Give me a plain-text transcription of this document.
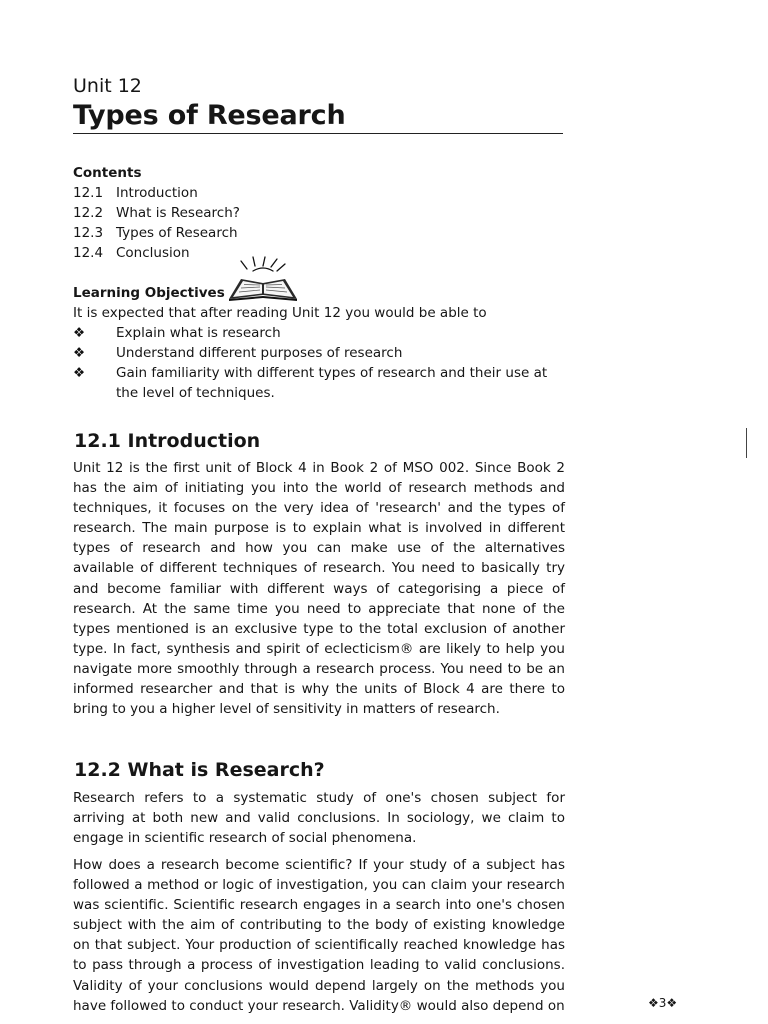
Unit 12
Types of Research
Contents
12.1 Introduction
12.2 What is Research?
12.3 Types of Research
12.4 Conclusion
Learning Objectives
It is expected that after reading Unit 12 you would be able to
❖	Explain what is research
❖	Understand different purposes of research
❖	Gain familiarity with different types of research and their use at the level of techniques.
12.1 Introduction
Unit 12 is the first unit of Block 4 in Book 2 of MSO 002. Since Book 2 has the aim of initiating you into the world of research methods and techniques, it focuses on the very idea of 'research' and the types of research. The main purpose is to explain what is involved in different types of research and how you can make use of the alternatives available of different techniques of research. You need to basically try and become familiar with different ways of categorising a piece of research. At the same time you need to appreciate that none of the types mentioned is an exclusive type to the total exclusion of another type. In fact, synthesis and spirit of eclecticism® are likely to help you navigate more smoothly through a research process. You need to be an informed researcher and that is why the units of Block 4 are there to bring to you a higher level of sensitivity in matters of research.
12.2 What is Research?
Research refers to a systematic study of one's chosen subject for arriving at both new and valid conclusions. In sociology, we claim to engage in scientific research of social phenomena.
How does a research become scientific? If your study of a subject has followed a method or logic of investigation, you can claim your research was scientific. Scientific research engages in a search into one's chosen subject with the aim of contributing to the body of existing knowledge on that subject. Your production of scientifically reached knowledge has to pass through a process of investigation leading to valid conclusions. Validity of your conclusions would depend largely on the methods you have followed to conduct your research. Validity® would also depend on	❖3❖
